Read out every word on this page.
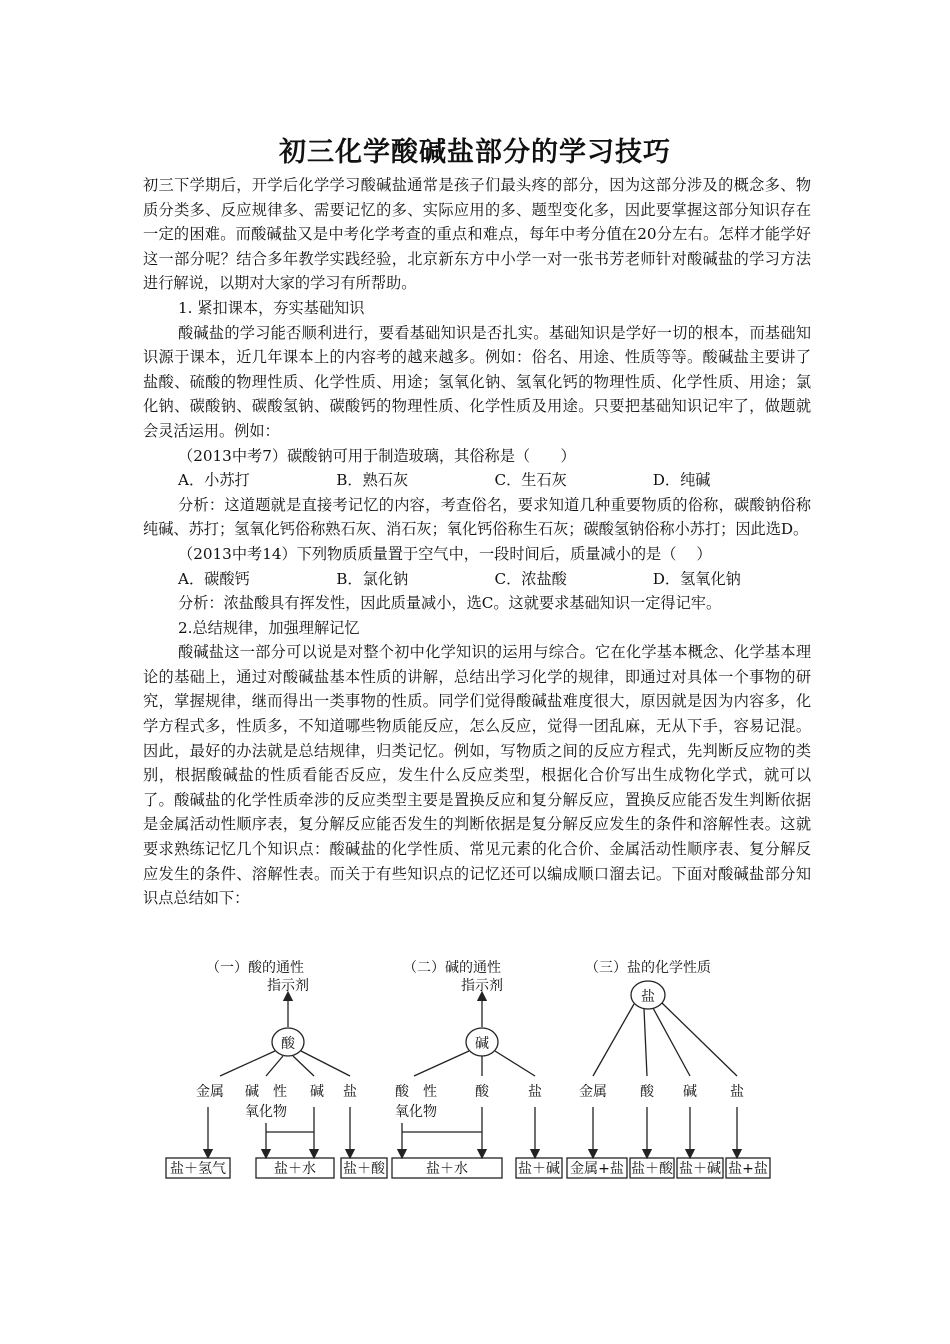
初三化学酸碱盐部分的学习技巧

初三下学期后，开学后化学学习酸碱盐通常是孩子们最头疼的部分，因为这部分涉及的概念多、物质分类多、反应规律多、需要记忆的多、实际应用的多、题型变化多，因此要掌握这部分知识存在一定的困难。而酸碱盐又是中考化学考查的重点和难点，每年中考分值在20分左右。怎样才能学好这一部分呢？结合多年教学实践经验，北京新东方中小学一对一张书芳老师针对酸碱盐的学习方法进行解说，以期对大家的学习有所帮助。

1. 紧扣课本，夯实基础知识

酸碱盐的学习能否顺利进行，要看基础知识是否扎实。基础知识是学好一切的根本，而基础知识源于课本，近几年课本上的内容考的越来越多。例如：俗名、用途、性质等等。酸碱盐主要讲了盐酸、硫酸的物理性质、化学性质、用途；氢氧化钠、氢氧化钙的物理性质、化学性质、用途；氯化钠、碳酸钠、碳酸氢钠、碳酸钙的物理性质、化学性质及用途。只要把基础知识记牢了，做题就会灵活运用。例如：

（2013中考7）碳酸钠可用于制造玻璃，其俗称是（　　）

A．小苏打	B．熟石灰	C．生石灰	D．纯碱

分析：这道题就是直接考记忆的内容，考查俗名，要求知道几种重要物质的俗称，碳酸钠俗称纯碱、苏打；氢氧化钙俗称熟石灰、消石灰；氧化钙俗称生石灰；碳酸氢钠俗称小苏打；因此选D。

（2013中考14）下列物质质量置于空气中，一段时间后，质量减小的是（　 ）

A．碳酸钙	B．氯化钠	C．浓盐酸	D．氢氧化钠

分析：浓盐酸具有挥发性，因此质量减小，选C。这就要求基础知识一定得记牢。

2.总结规律，加强理解记忆

酸碱盐这一部分可以说是对整个初中化学知识的运用与综合。它在化学基本概念、化学基本理论的基础上，通过对酸碱盐基本性质的讲解，总结出学习化学的规律，即通过对具体一个事物的研究，掌握规律，继而得出一类事物的性质。同学们觉得酸碱盐难度很大，原因就是因为内容多，化学方程式多，性质多，不知道哪些物质能反应，怎么反应，觉得一团乱麻，无从下手，容易记混。因此，最好的办法就是总结规律，归类记忆。例如，写物质之间的反应方程式，先判断反应物的类别，根据酸碱盐的性质看能否反应，发生什么反应类型，根据化合价写出生成物化学式，就可以了。酸碱盐的化学性质牵涉的反应类型主要是置换反应和复分解反应，置换反应能否发生判断依据是金属活动性顺序表，复分解反应能否发生的判断依据是复分解反应发生的条件和溶解性表。这就要求熟练记忆几个知识点：酸碱盐的化学性质、常见元素的化合价、金属活动性顺序表、复分解反应发生的条件、溶解性表。而关于有些知识点的记忆还可以编成顺口溜去记。下面对酸碱盐部分知识点总结如下：

（一）酸的通性
指示剂
酸
金属 碱　性
氧化物
碱 盐
盐＋氢气	盐＋水 盐＋酸
（二）碱的通性
指示剂
碱
酸　性
氧化物
酸	盐
盐＋水	盐＋碱
（三）盐的化学性质
盐
金属 酸 碱 盐
金属+盐 盐＋酸 盐＋碱 盐+盐
